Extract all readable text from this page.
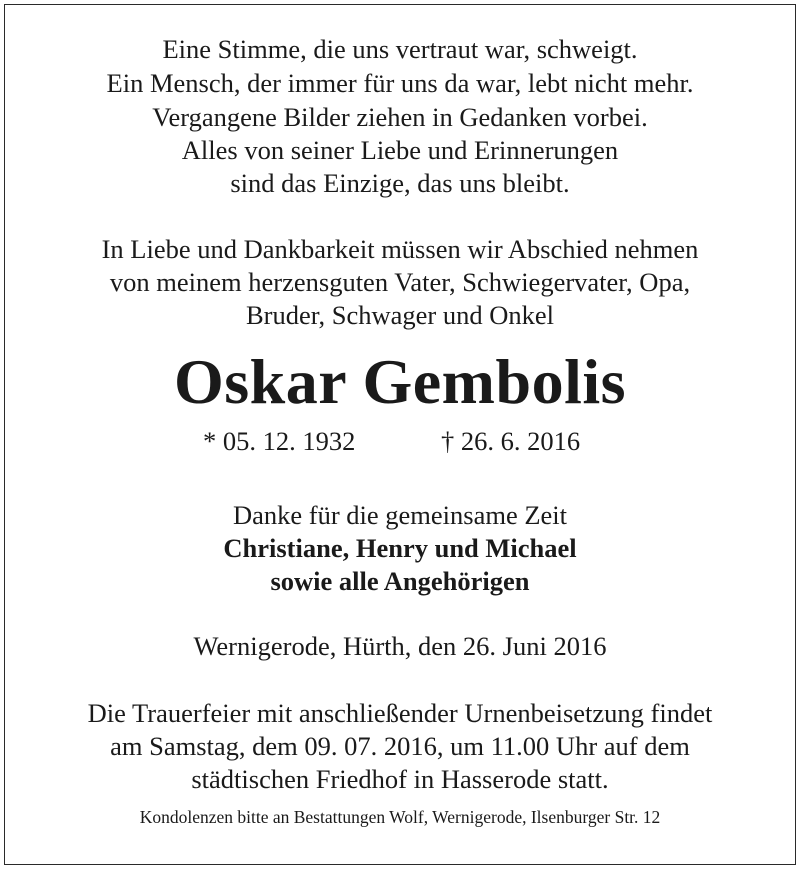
Eine Stimme, die uns vertraut war, schweigt.
Ein Mensch, der immer für uns da war, lebt nicht mehr.
Vergangene Bilder ziehen in Gedanken vorbei.
Alles von seiner Liebe und Erinnerungen
sind das Einzige, das uns bleibt.
In Liebe und Dankbarkeit müssen wir Abschied nehmen
von meinem herzensguten Vater, Schwiegervater, Opa,
Bruder, Schwager und Onkel
Oskar Gembolis
* 05. 12. 1932	† 26. 6. 2016
Danke für die gemeinsame Zeit
Christiane, Henry und Michael
sowie alle Angehörigen
Wernigerode, Hürth, den 26. Juni 2016
Die Trauerfeier mit anschließender Urnenbeisetzung findet
am Samstag, dem 09. 07. 2016, um 11.00 Uhr auf dem
städtischen Friedhof in Hasserode statt.
Kondolenzen bitte an Bestattungen Wolf, Wernigerode, Ilsenburger Str. 12
